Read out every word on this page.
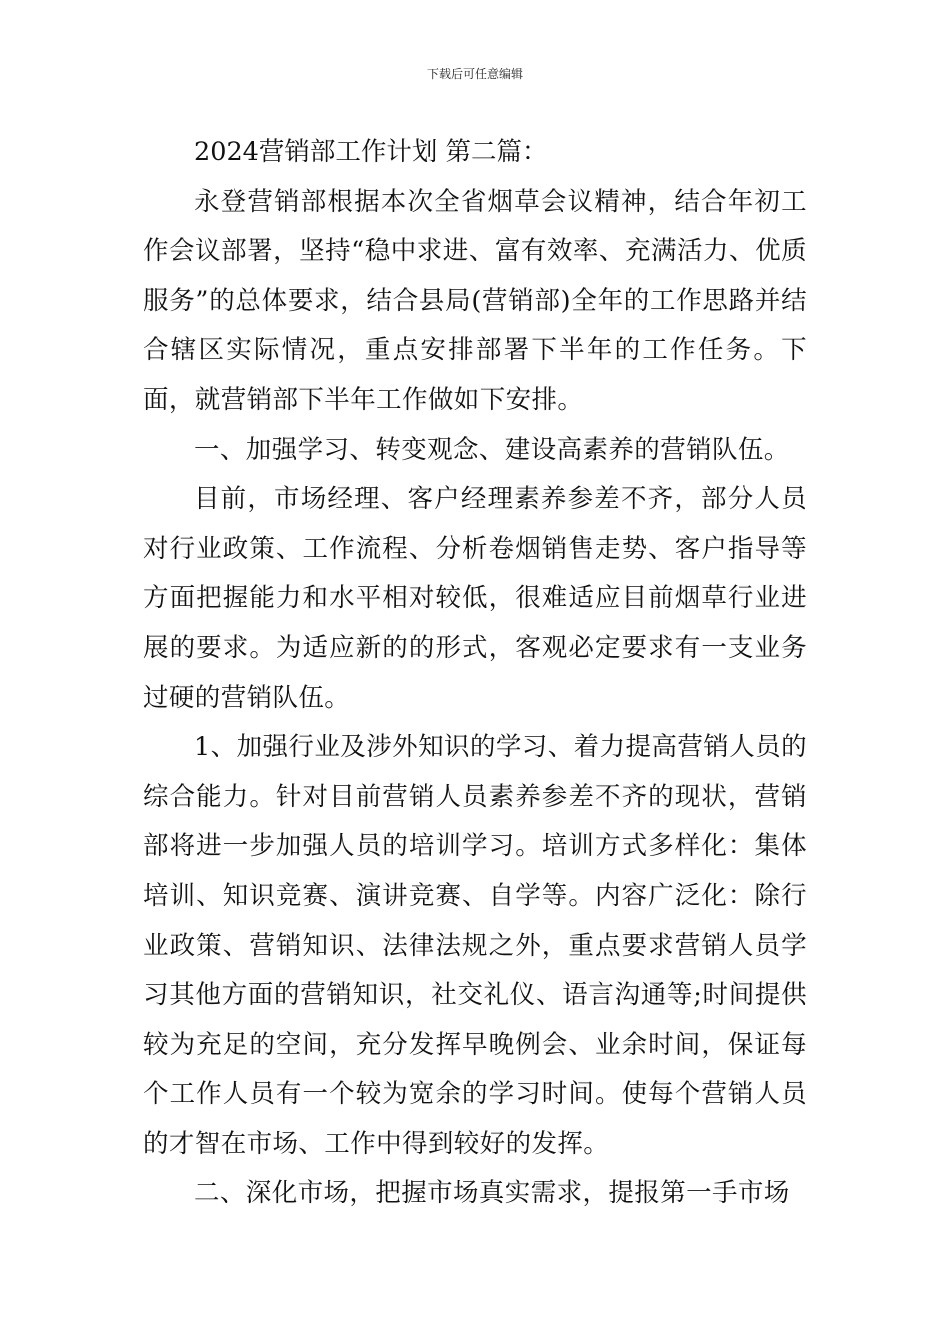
下载后可任意编辑

2024营销部工作计划 第二篇：

永登营销部根据本次全省烟草会议精神，结合年初工作会议部署，坚持“稳中求进、富有效率、充满活力、优质服务”的总体要求，结合县局(营销部)全年的工作思路并结合辖区实际情况，重点安排部署下半年的工作任务。下面，就营销部下半年工作做如下安排。

一、加强学习、转变观念、建设高素养的营销队伍。

目前，市场经理、客户经理素养参差不齐，部分人员对行业政策、工作流程、分析卷烟销售走势、客户指导等方面把握能力和水平相对较低，很难适应目前烟草行业进展的要求。为适应新的的形式，客观必定要求有一支业务过硬的营销队伍。

1、加强行业及涉外知识的学习、着力提高营销人员的综合能力。针对目前营销人员素养参差不齐的现状，营销部将进一步加强人员的培训学习。培训方式多样化：集体培训、知识竞赛、演讲竞赛、自学等。内容广泛化：除行业政策、营销知识、法律法规之外，重点要求营销人员学习其他方面的营销知识，社交礼仪、语言沟通等;时间提供较为充足的空间，充分发挥早晚例会、业余时间，保证每个工作人员有一个较为宽余的学习时间。使每个营销人员的才智在市场、工作中得到较好的发挥。

二、深化市场，把握市场真实需求，提报第一手市场
